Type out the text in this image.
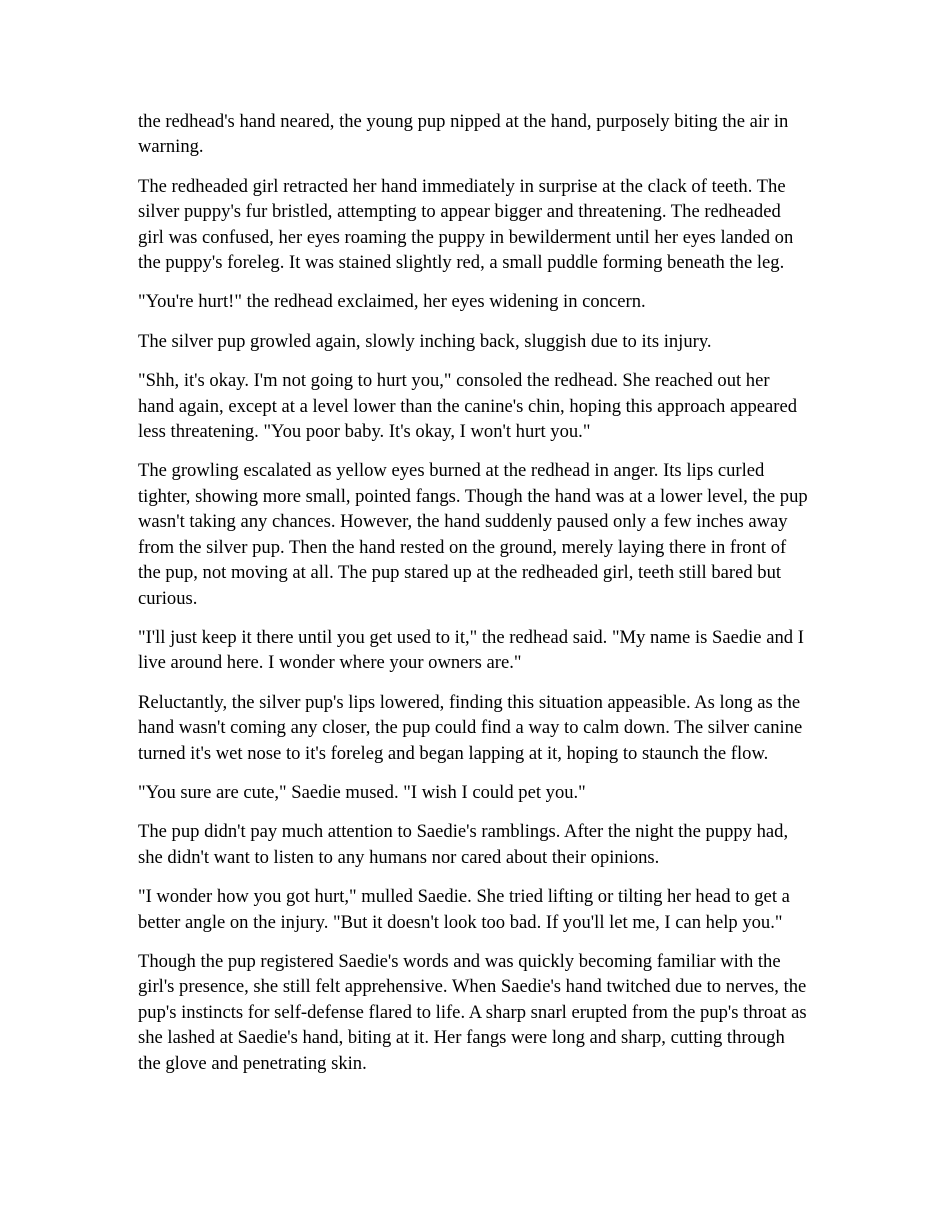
the redhead's hand neared, the young pup nipped at the hand, purposely biting the air in warning.

The redheaded girl retracted her hand immediately in surprise at the clack of teeth. The silver puppy's fur bristled, attempting to appear bigger and threatening. The redheaded girl was confused, her eyes roaming the puppy in bewilderment until her eyes landed on the puppy's foreleg. It was stained slightly red, a small puddle forming beneath the leg.

"You're hurt!" the redhead exclaimed, her eyes widening in concern.

The silver pup growled again, slowly inching back, sluggish due to its injury.

"Shh, it's okay. I'm not going to hurt you," consoled the redhead. She reached out her hand again, except at a level lower than the canine's chin, hoping this approach appeared less threatening. "You poor baby. It's okay, I won't hurt you."

The growling escalated as yellow eyes burned at the redhead in anger. Its lips curled tighter, showing more small, pointed fangs. Though the hand was at a lower level, the pup wasn't taking any chances. However, the hand suddenly paused only a few inches away from the silver pup. Then the hand rested on the ground, merely laying there in front of the pup, not moving at all. The pup stared up at the redheaded girl, teeth still bared but curious.

"I'll just keep it there until you get used to it," the redhead said. "My name is Saedie and I live around here. I wonder where your owners are."

Reluctantly, the silver pup's lips lowered, finding this situation appeasible. As long as the hand wasn't coming any closer, the pup could find a way to calm down. The silver canine turned it's wet nose to it's foreleg and began lapping at it, hoping to staunch the flow.

"You sure are cute," Saedie mused. "I wish I could pet you."

The pup didn't pay much attention to Saedie's ramblings. After the night the puppy had, she didn't want to listen to any humans nor cared about their opinions.

"I wonder how you got hurt," mulled Saedie. She tried lifting or tilting her head to get a better angle on the injury. "But it doesn't look too bad. If you'll let me, I can help you."

Though the pup registered Saedie's words and was quickly becoming familiar with the girl's presence, she still felt apprehensive. When Saedie's hand twitched due to nerves, the pup's instincts for self-defense flared to life. A sharp snarl erupted from the pup's throat as she lashed at Saedie's hand, biting at it. Her fangs were long and sharp, cutting through the glove and penetrating skin.
